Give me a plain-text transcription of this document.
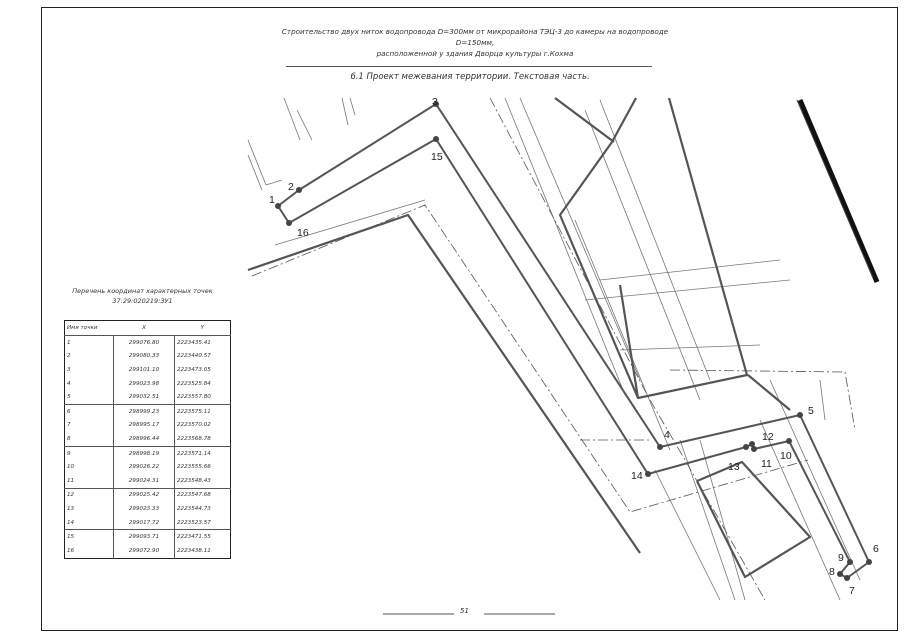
Строительство двух ниток водопровода D=300мм от микрорайона ТЭЦ-3 до камеры на водопроводе D=150мм,
расположенной у здания Дворца культуры г.Кохма
6.1 Проект межевания территории. Текстовая часть.
Перечень координат характерных точек
37:29:020219:ЗУ1
Имя точки	X	Y
1	299076.80	2223435.41
2	299080.33	2223440.57
3	299101.10	2223473.05
4	299023.98	2223525.84
5	299032.51	2223557.80
6	298999.23	2223575.11
7	298995.17	2223570.02
8	298996.44	2223568.78
9	298998.19	2223571.14
10	299026.22	2223555.66
11	299024.31	2223548.43
12	299025.42	2223547.68
13	299023.33	2223544.73
14	299017.72	2223523.57
15	299093.71	2223471.55
16	299072.90	2223438.11
1
2
3
4
5
6
7
8
9
10
11
12
13
14
15
16
51
